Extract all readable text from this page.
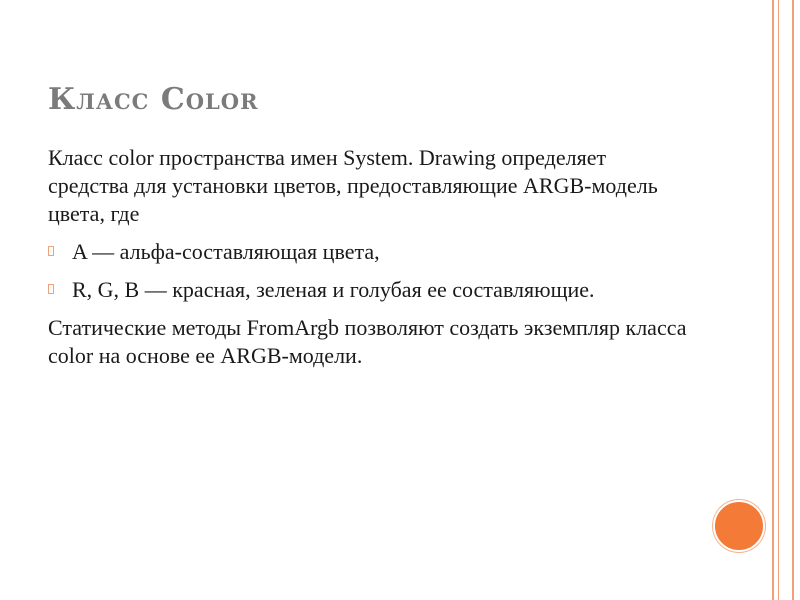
Класс Color

Класс color пространства имен System. Drawing определяет средства для установки цветов, предоставляющие ARGB-модель цвета, где

A — альфа-составляющая цвета,
R, G, B — красная, зеленая и голубая ее составляющие.

Статические методы FromArgb позволяют создать экземпляр класса color на основе ее ARGB-модели.
